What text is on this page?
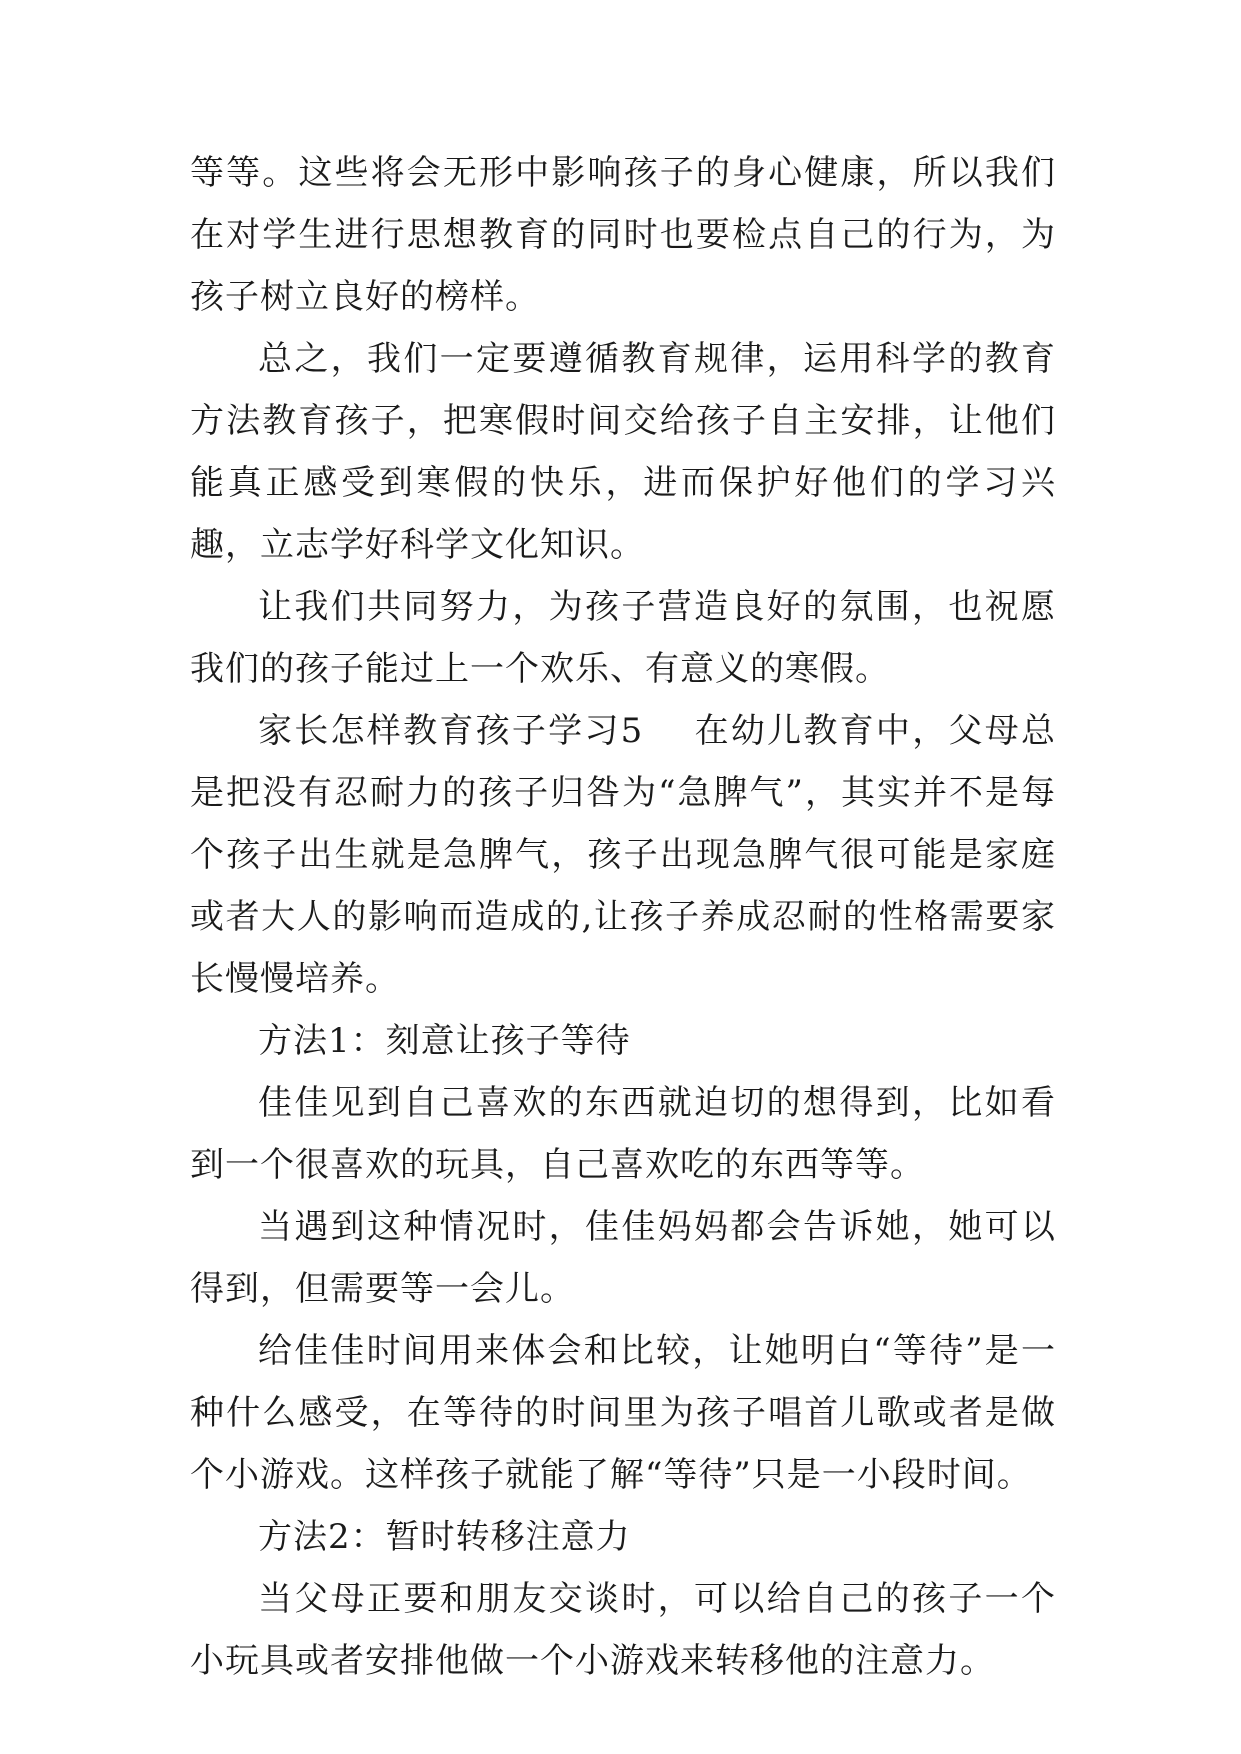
等等。这些将会无形中影响孩子的身心健康，所以我们在对学生进行思想教育的同时也要检点自己的行为，为孩子树立良好的榜样。

总之，我们一定要遵循教育规律，运用科学的教育方法教育孩子，把寒假时间交给孩子自主安排，让他们能真正感受到寒假的快乐，进而保护好他们的学习兴趣，立志学好科学文化知识。

让我们共同努力，为孩子营造良好的氛围，也祝愿我们的孩子能过上一个欢乐、有意义的寒假。

家长怎样教育孩子学习5 在幼儿教育中，父母总是把没有忍耐力的孩子归咎为“急脾气”，其实并不是每个孩子出生就是急脾气，孩子出现急脾气很可能是家庭或者大人的影响而造成的,让孩子养成忍耐的性格需要家长慢慢培养。

方法1：刻意让孩子等待

佳佳见到自己喜欢的东西就迫切的想得到，比如看到一个很喜欢的玩具，自己喜欢吃的东西等等。

当遇到这种情况时，佳佳妈妈都会告诉她，她可以得到，但需要等一会儿。

给佳佳时间用来体会和比较，让她明白“等待”是一种什么感受，在等待的时间里为孩子唱首儿歌或者是做个小游戏。这样孩子就能了解“等待”只是一小段时间。

方法2：暂时转移注意力

当父母正要和朋友交谈时，可以给自己的孩子一个小玩具或者安排他做一个小游戏来转移他的注意力。
